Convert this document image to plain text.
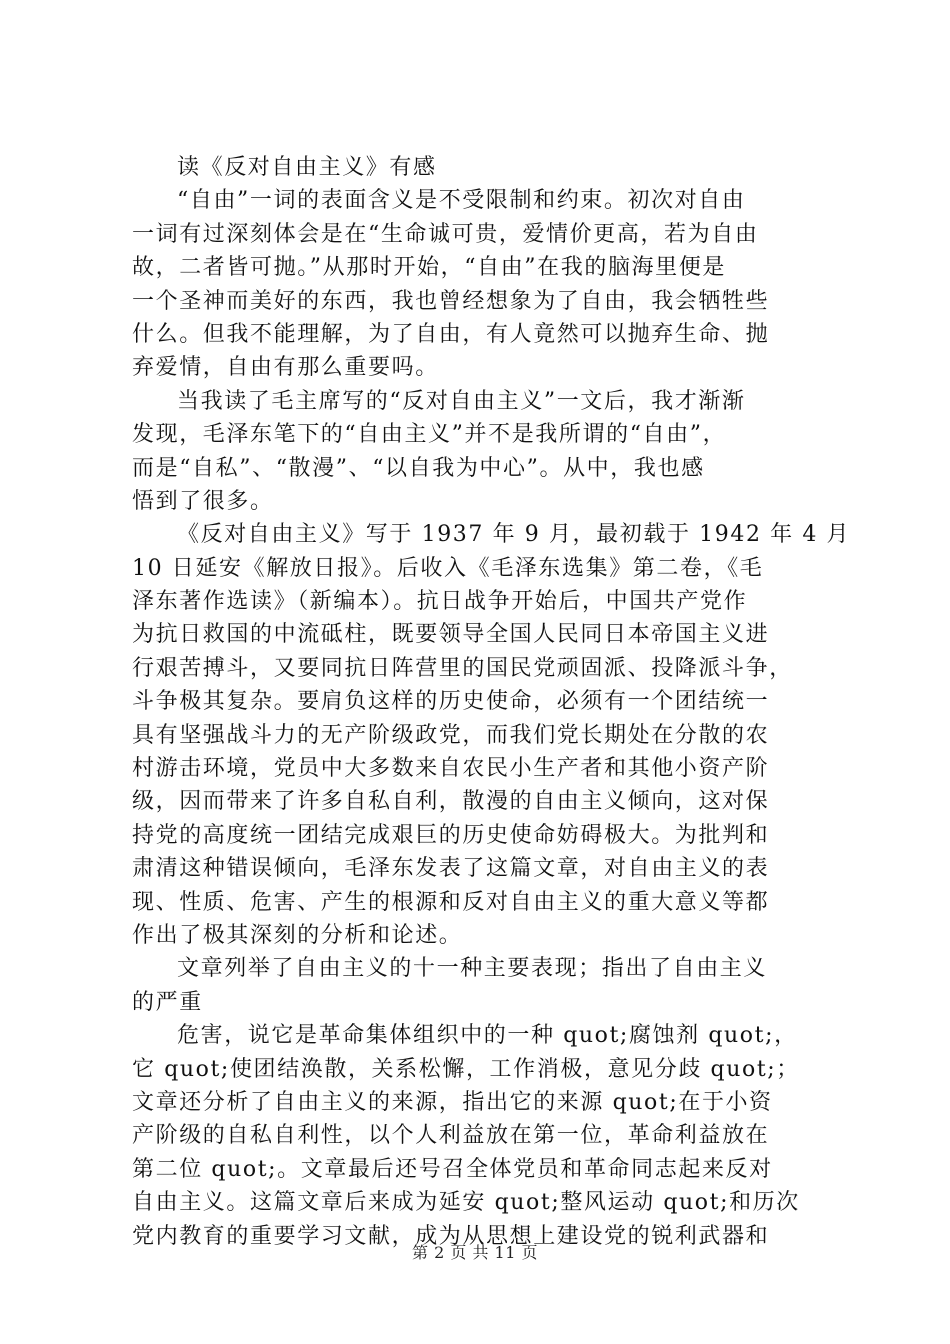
读《反对自由主义》有感
“自由”一词的表面含义是不受限制和约束。初次对自由
一词有过深刻体会是在“生命诚可贵，爱情价更高，若为自由
故，二者皆可抛。”从那时开始，“自由”在我的脑海里便是
一个圣神而美好的东西，我也曾经想象为了自由，我会牺牲些
什么。但我不能理解，为了自由，有人竟然可以抛弃生命、抛
弃爱情，自由有那么重要吗。
当我读了毛主席写的“反对自由主义”一文后，我才渐渐
发现，毛泽东笔下的“自由主义”并不是我所谓的“自由”，
而是“自私”、“散漫”、“以自我为中心”。从中，我也感
悟到了很多。
《反对自由主义》写于 1937 年 9 月，最初载于 1942 年 4 月
10 日延安《解放日报》。后收入《毛泽东选集》第二卷，《毛
泽东著作选读》（新编本）。抗日战争开始后，中国共产党作
为抗日救国的中流砥柱，既要领导全国人民同日本帝国主义进
行艰苦搏斗，又要同抗日阵营里的国民党顽固派、投降派斗争，
斗争极其复杂。要肩负这样的历史使命，必须有一个团结统一
具有坚强战斗力的无产阶级政党，而我们党长期处在分散的农
村游击环境，党员中大多数来自农民小生产者和其他小资产阶
级，因而带来了许多自私自利，散漫的自由主义倾向，这对保
持党的高度统一团结完成艰巨的历史使命妨碍极大。为批判和
肃清这种错误倾向，毛泽东发表了这篇文章，对自由主义的表
现、性质、危害、产生的根源和反对自由主义的重大意义等都
作出了极其深刻的分析和论述。
文章列举了自由主义的十一种主要表现；指出了自由主义
的严重
危害，说它是革命集体组织中的一种 quot;腐蚀剂 quot;，
它 quot;使团结涣散，关系松懈，工作消极，意见分歧 quot;；
文章还分析了自由主义的来源，指出它的来源 quot;在于小资
产阶级的自私自利性，以个人利益放在第一位，革命利益放在
第二位 quot;。文章最后还号召全体党员和革命同志起来反对
自由主义。这篇文章后来成为延安 quot;整风运动 quot;和历次
党内教育的重要学习文献，成为从思想上建设党的锐利武器和
第 2 页 共 11 页
